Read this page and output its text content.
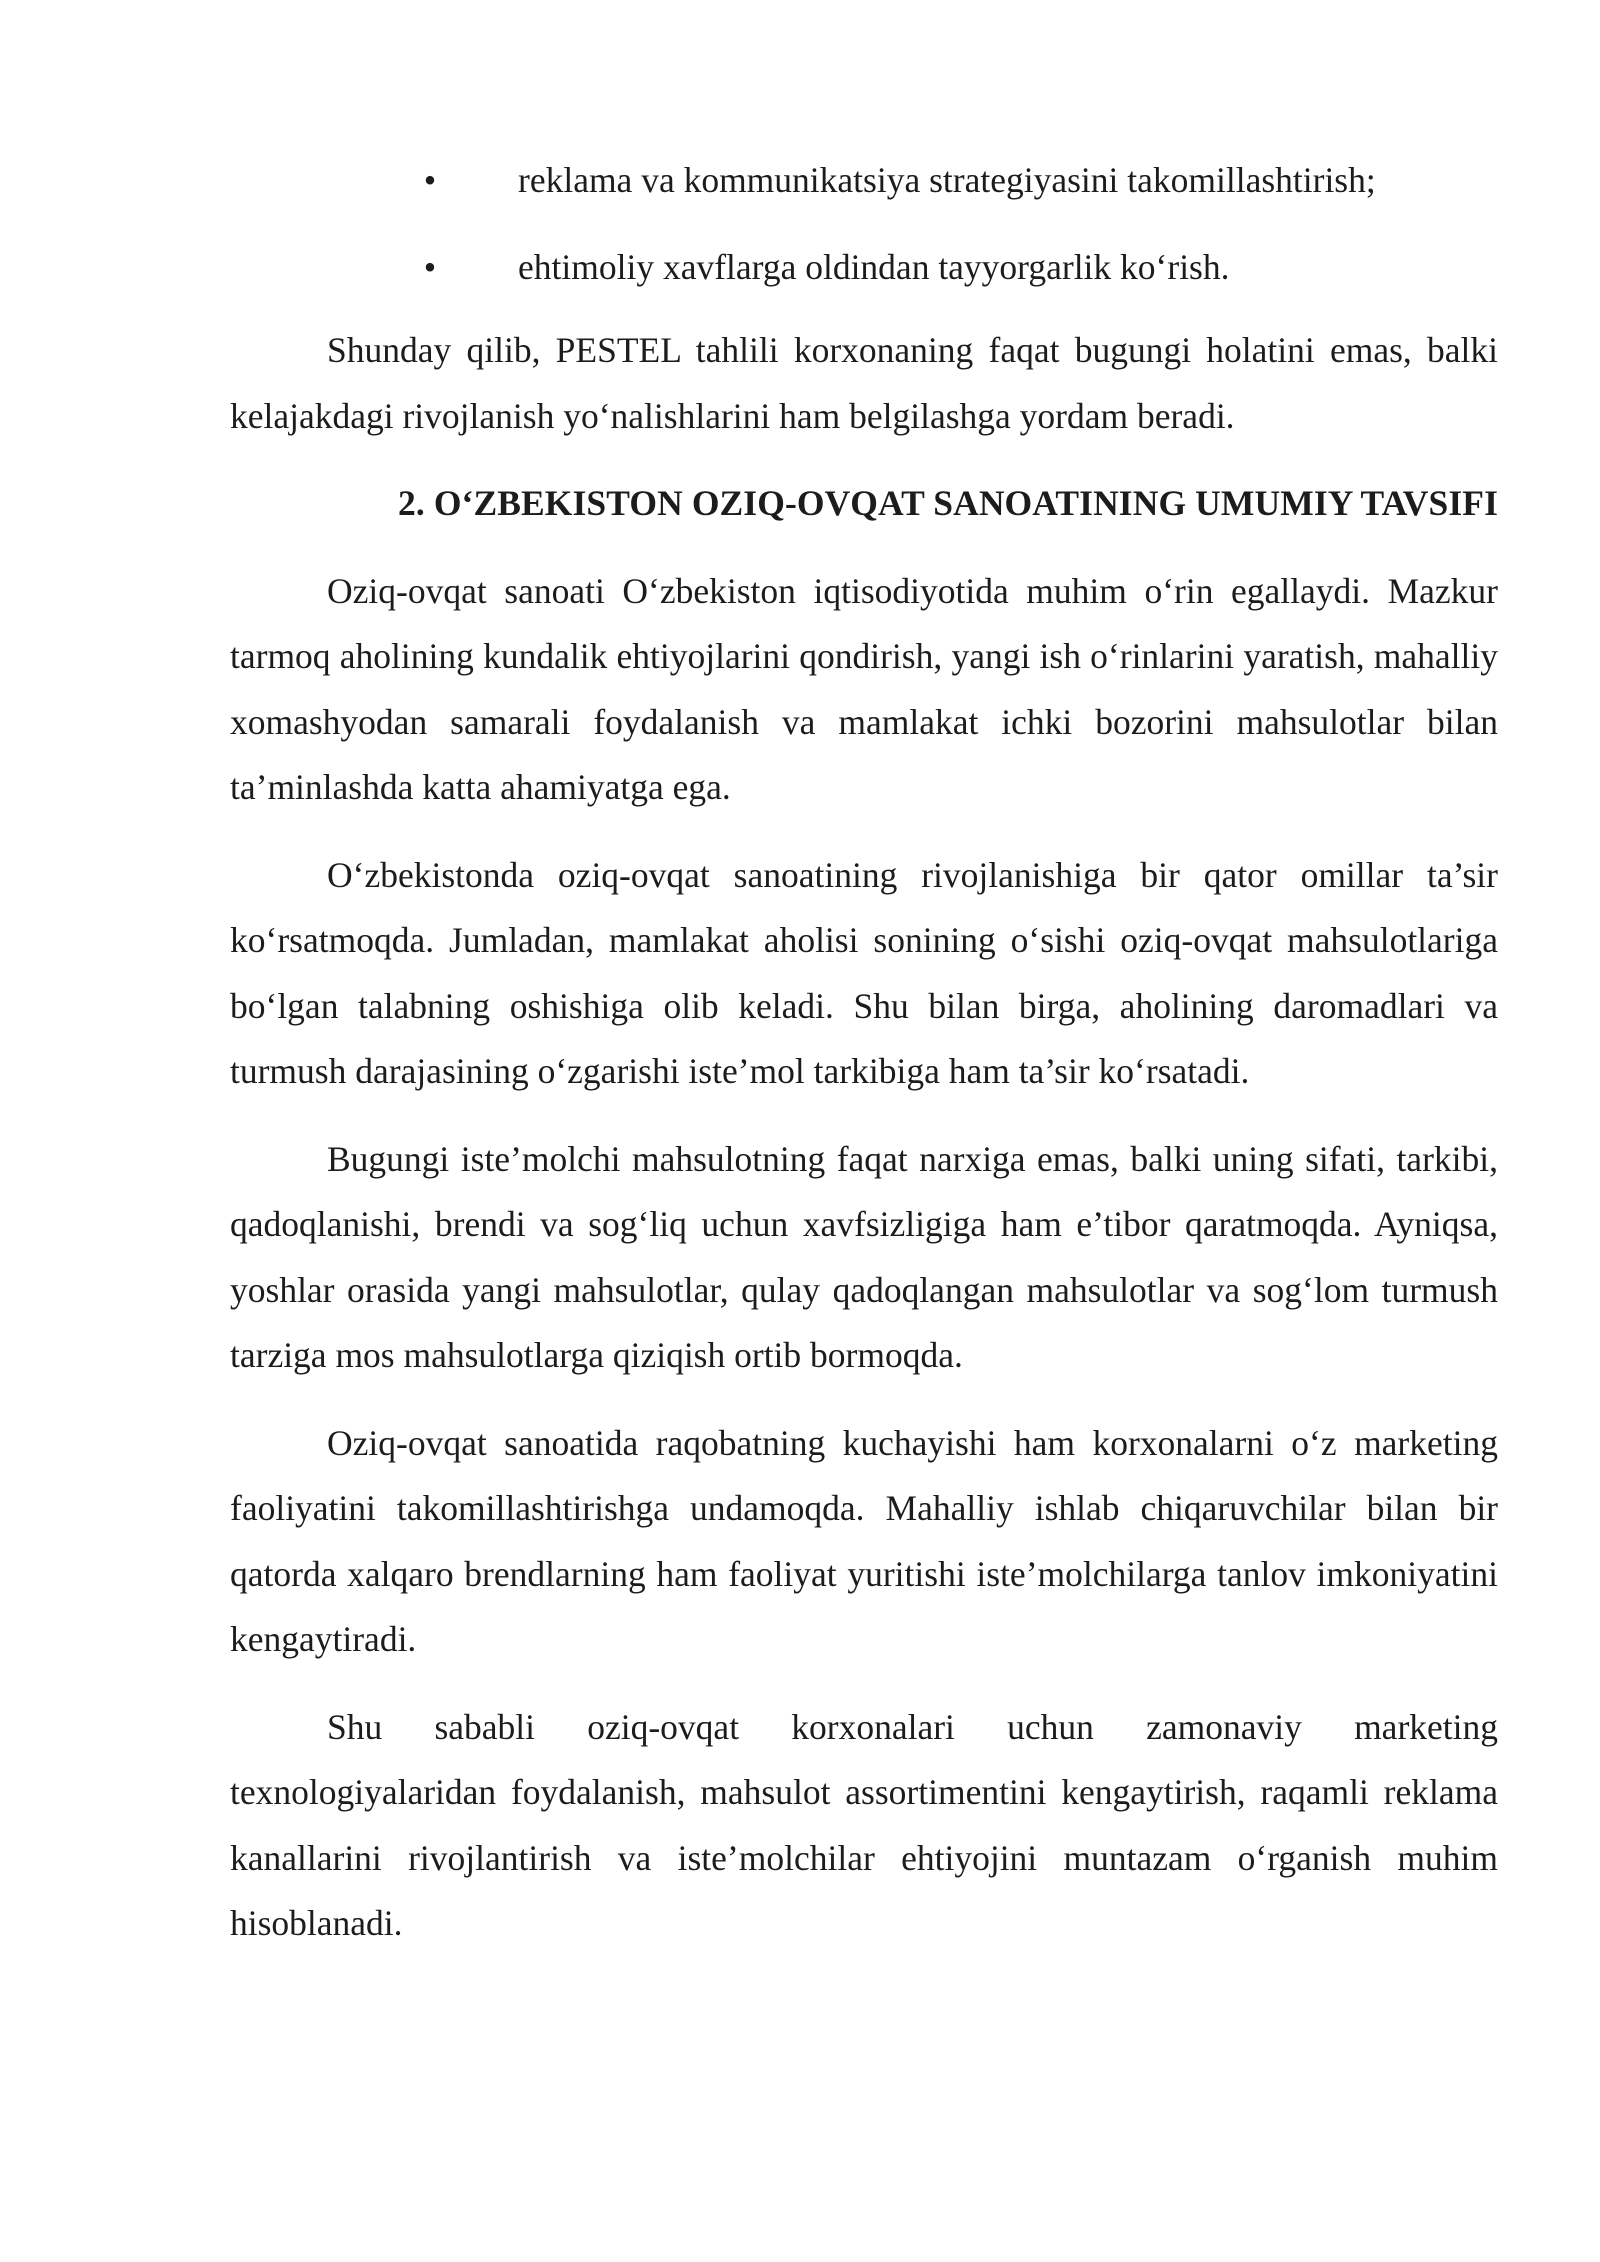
• reklama va kommunikatsiya strategiyasini takomillashtirish;
• ehtimoliy xavflarga oldindan tayyorgarlik ko‘rish.

Shunday qilib, PESTEL tahlili korxonaning faqat bugungi holatini emas, balki kelajakdagi rivojlanish yo‘nalishlarini ham belgilashga yordam beradi.

2. O‘ZBEKISTON OZIQ-OVQAT SANOATINING UMUMIY TAVSIFI

Oziq-ovqat sanoati O‘zbekiston iqtisodiyotida muhim o‘rin egallaydi. Mazkur tarmoq aholining kundalik ehtiyojlarini qondirish, yangi ish o‘rinlarini yaratish, mahalliy xomashyodan samarali foydalanish va mamlakat ichki bozorini mahsulotlar bilan ta’minlashda katta ahamiyatga ega.

O‘zbekistonda oziq-ovqat sanoatining rivojlanishiga bir qator omillar ta’sir ko‘rsatmoqda. Jumladan, mamlakat aholisi sonining o‘sishi oziq-ovqat mahsulotlariga bo‘lgan talabning oshishiga olib keladi. Shu bilan birga, aholining daromadlari va turmush darajasining o‘zgarishi iste’mol tarkibiga ham ta’sir ko‘rsatadi.

Bugungi iste’molchi mahsulotning faqat narxiga emas, balki uning sifati, tarkibi, qadoqlanishi, brendi va sog‘liq uchun xavfsizligiga ham e’tibor qaratmoqda. Ayniqsa, yoshlar orasida yangi mahsulotlar, qulay qadoqlangan mahsulotlar va sog‘lom turmush tarziga mos mahsulotlarga qiziqish ortib bormoqda.

Oziq-ovqat sanoatida raqobatning kuchayishi ham korxonalarni o‘z marketing faoliyatini takomillashtirishga undamoqda. Mahalliy ishlab chiqaruvchilar bilan bir qatorda xalqaro brendlarning ham faoliyat yuritishi iste’molchilarga tanlov imkoniyatini kengaytiradi.

Shu sababli oziq-ovqat korxonalari uchun zamonaviy marketing texnologiyalaridan foydalanish, mahsulot assortimentini kengaytirish, raqamli reklama kanallarini rivojlantirish va iste’molchilar ehtiyojini muntazam o‘rganish muhim hisoblanadi.
